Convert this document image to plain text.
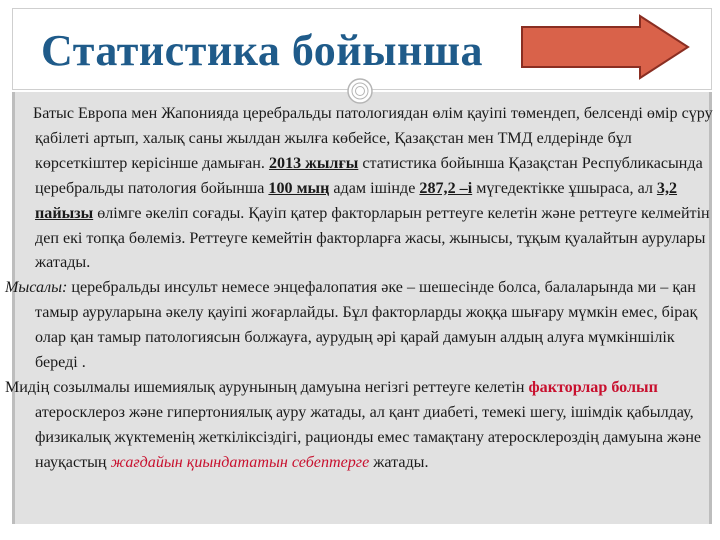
Статистика бойынша

Батыс Европа мен Жапонияда церебральды патологиядан өлім қауіпі төмендеп, белсенді өмір сүру қабілеті артып, халық саны жылдан жылға көбейсе, Қазақстан мен ТМД елдерінде бұл көрсеткіштер керісінше дамыған. 2013 жылғы статистика бойынша Қазақстан Республикасында церебральды патология бойынша 100 мың адам ішінде 287,2 –і мүгедектікке ұшыраса, ал 3,2 пайызы өлімге әкеліп соғады. Қауіп қатер факторларын реттеуге келетін және реттеуге келмейтін деп екі топқа бөлеміз. Реттеуге кемейтін факторларға жасы, жынысы, тұқым қуалайтын аурулары жатады.

Мысалы: церебральды инсульт немесе энцефалопатия әке – шешесінде болса, балаларында ми – қан тамыр ауруларына әкелу қауіпі жоғарлайды. Бұл факторларды жоққа шығару мүмкін емес, бірақ олар қан тамыр патологиясын болжауға, аурудың әрі қарай дамуын алдың алуға мүмкіншілік береді .

Мидің созылмалы ишемиялық аурунының дамуына негізгі реттеуге келетін факторлар болып атеросклероз және гипертониялық ауру жатады, ал қант диабеті, темекі шегу, ішімдік қабылдау, физикалық жүктеменің жеткіліксіздігі, рационды емес тамақтану атеросклероздің дамуына және науқастың жағдайын қиындататын себептерге жатады.
